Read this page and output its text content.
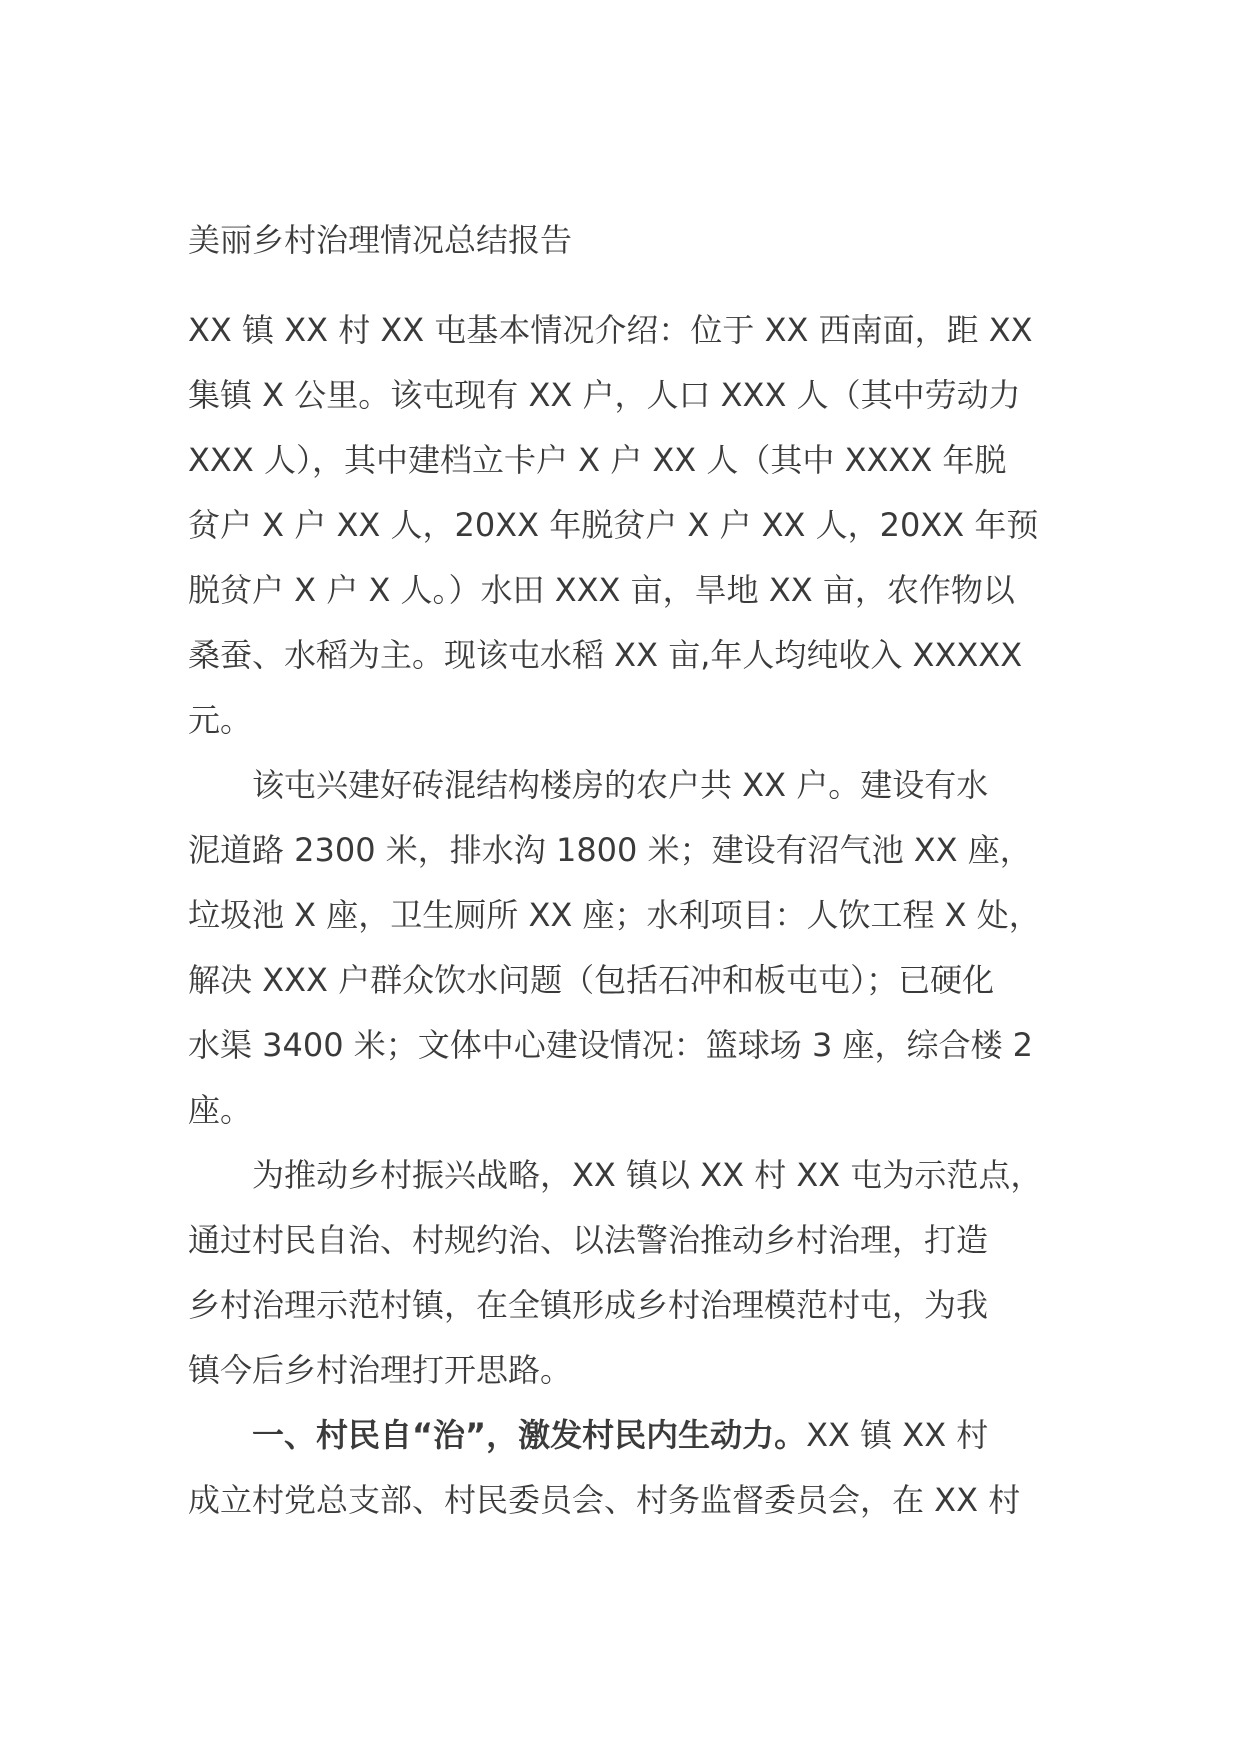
美丽乡村治理情况总结报告

XX 镇 XX 村 XX 屯基本情况介绍：位于 XX 西南面，距 XX
集镇 X 公里。该屯现有 XX 户，人口 XXX 人（其中劳动力
XXX 人），其中建档立卡户 X 户 XX 人（其中 XXXX 年脱
贫户 X 户 XX 人，20XX 年脱贫户 X 户 XX 人，20XX 年预
脱贫户 X 户 X 人。）水田 XXX 亩，旱地 XX 亩，农作物以
桑蚕、水稻为主。现该屯水稻 XX 亩,年人均纯收入 XXXXX
元。

　　该屯兴建好砖混结构楼房的农户共 XX 户。建设有水
泥道路 2300 米，排水沟 1800 米；建设有沼气池 XX 座，
垃圾池 X 座，卫生厕所 XX 座；水利项目：人饮工程 X 处，
解决 XXX 户群众饮水问题（包括石冲和板屯屯）；已硬化
水渠 3400 米；文体中心建设情况：篮球场 3 座，综合楼 2
座。

　　为推动乡村振兴战略，XX 镇以 XX 村 XX 屯为示范点，
通过村民自治、村规约治、以法警治推动乡村治理，打造
乡村治理示范村镇，在全镇形成乡村治理模范村屯，为我
镇今后乡村治理打开思路。

　　一、村民自“治”，激发村民内生动力。XX 镇 XX 村
成立村党总支部、村民委员会、村务监督委员会，在 XX 村
